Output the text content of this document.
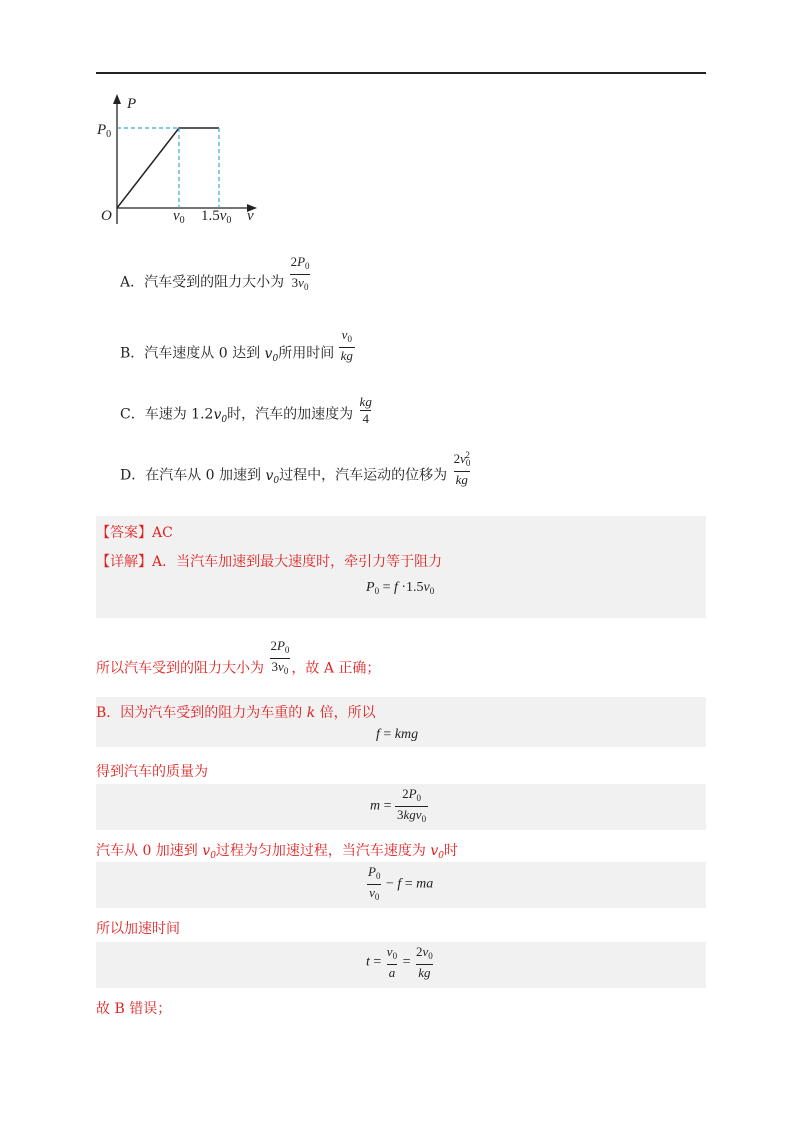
P
v
O
$P_0$
$v_0$ $1.5v_0$
A．汽车受到的阻力大小为 $\frac{2P_0}{3v_0}$
B．汽车速度从 0 达到 $v_0$所用时间 $\frac{v_0}{kg}$
C．车速为 $1.2v_0$时，汽车的加速度为 $\frac{kg}{4}$
D．在汽车从 0 加速到 $v_0$过程中，汽车运动的位移为 $\frac{2v_0^2}{kg}$
【答案】AC
【详解】A．当汽车加速到最大速度时，牵引力等于阻力
$P_0 = f \cdot 1.5v_0$
所以汽车受到的阻力大小为 $\frac{2P_0}{3v_0}$ ，故 A 正确；
B．因为汽车受到的阻力为车重的 k 倍，所以
f = kmg
得到汽车的质量为
$m = \frac{2P_0}{3kgv_0}$
汽车从 0 加速到 $v_0$过程为匀加速过程，当汽车速度为 $v_0$时
$\frac{P_0}{v_0} - f$ = ma
所以加速时间
$t = \frac{v_0}{a} = \frac{2v_0}{kg}$
故 B 错误；
